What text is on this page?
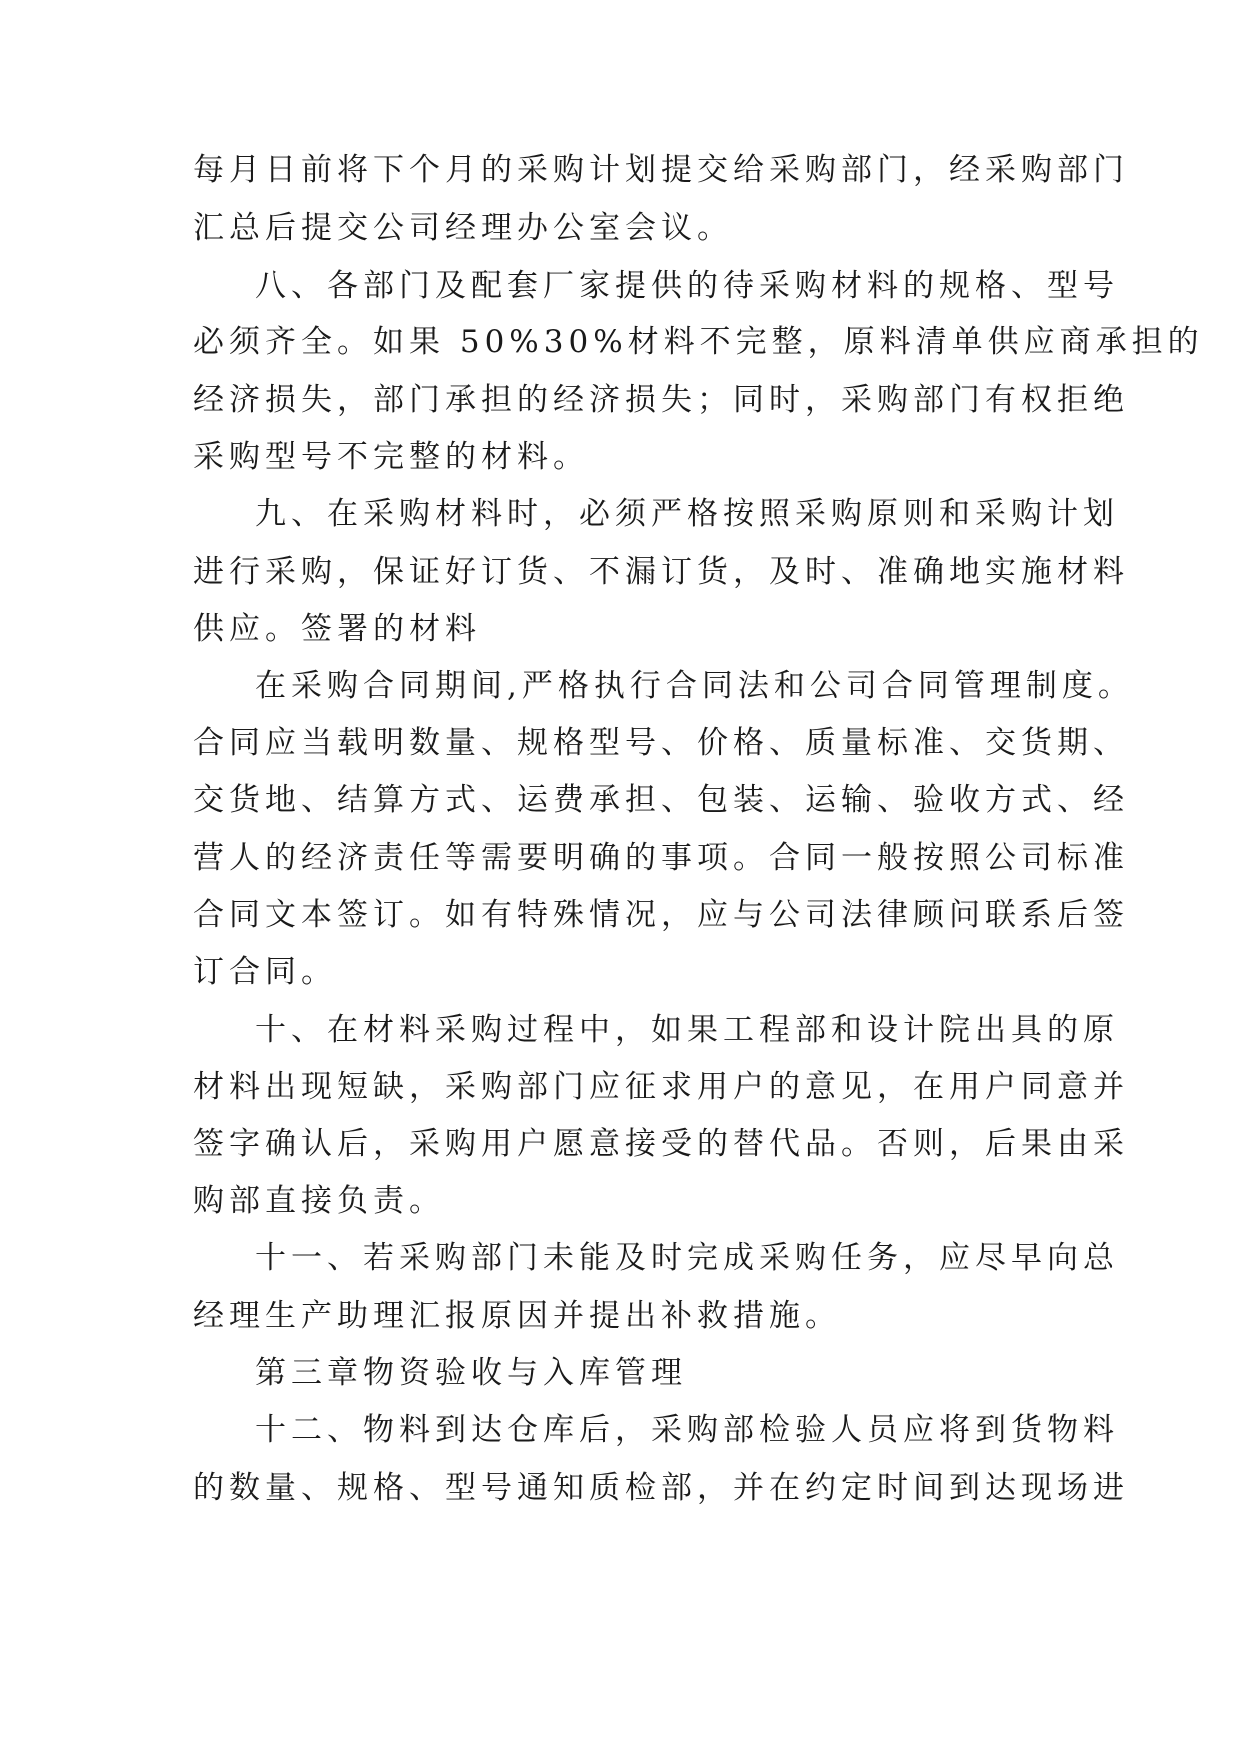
每月日前将下个月的采购计划提交给采购部门，经采购部门
汇总后提交公司经理办公室会议。
八、各部门及配套厂家提供的待采购材料的规格、型号
必须齐全。如果 50%30%材料不完整，原料清单供应商承担的
经济损失，部门承担的经济损失；同时，采购部门有权拒绝
采购型号不完整的材料。
九、在采购材料时，必须严格按照采购原则和采购计划
进行采购，保证好订货、不漏订货，及时、准确地实施材料
供应。签署的材料
在采购合同期间,严格执行合同法和公司合同管理制度。
合同应当载明数量、规格型号、价格、质量标准、交货期、
交货地、结算方式、运费承担、包装、运输、验收方式、经
营人的经济责任等需要明确的事项。合同一般按照公司标准
合同文本签订。如有特殊情况，应与公司法律顾问联系后签
订合同。
十、在材料采购过程中，如果工程部和设计院出具的原
材料出现短缺，采购部门应征求用户的意见，在用户同意并
签字确认后，采购用户愿意接受的替代品。否则，后果由采
购部直接负责。
十一、若采购部门未能及时完成采购任务，应尽早向总
经理生产助理汇报原因并提出补救措施。
第三章物资验收与入库管理
十二、物料到达仓库后，采购部检验人员应将到货物料
的数量、规格、型号通知质检部，并在约定时间到达现场进
